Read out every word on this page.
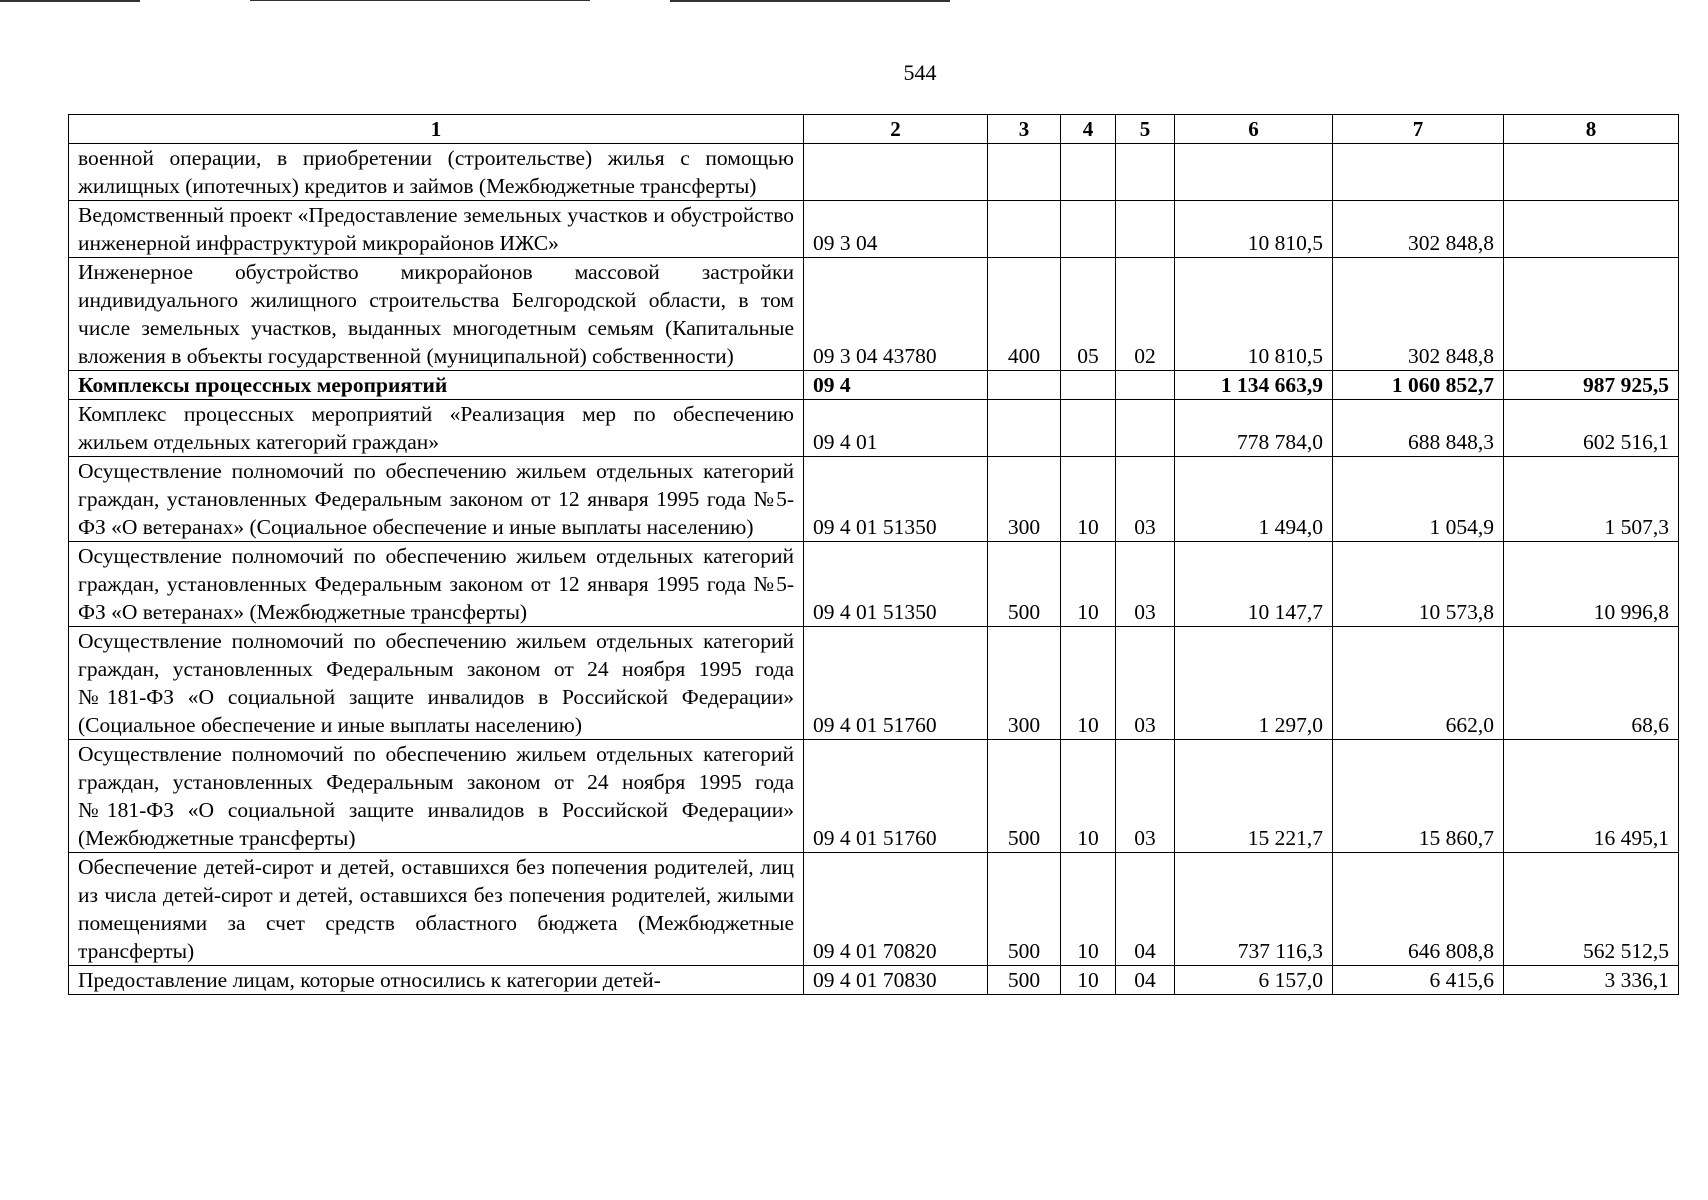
544
1	2	3	4	5	6	7	8
военной операции, в приобретении (строительстве) жилья с помощью жилищных (ипотечных) кредитов и займов (Межбюджетные трансферты)							
Ведомственный проект «Предоставление земельных участков и обустройство инженерной инфраструктурой микрорайонов ИЖС»	09 3 04				10 810,5	302 848,8	
Инженерное обустройство микрорайонов массовой застройки индивидуального жилищного строительства Белгородской области, в том числе земельных участков, выданных многодетным семьям (Капитальные вложения в объекты государственной (муниципальной) собственности)	09 3 04 43780	400	05	02	10 810,5	302 848,8	
Комплексы процессных мероприятий	09 4				1 134 663,9	1 060 852,7	987 925,5
Комплекс процессных мероприятий «Реализация мер по обеспечению жильем отдельных категорий граждан»	09 4 01				778 784,0	688 848,3	602 516,1
Осуществление полномочий по обеспечению жильем отдельных категорий граждан, установленных Федеральным законом от 12 января 1995 года №5-ФЗ «О ветеранах» (Социальное обеспечение и иные выплаты населению)	09 4 01 51350	300	10	03	1 494,0	1 054,9	1 507,3
Осуществление полномочий по обеспечению жильем отдельных категорий граждан, установленных Федеральным законом от 12 января 1995 года №5-ФЗ «О ветеранах» (Межбюджетные трансферты)	09 4 01 51350	500	10	03	10 147,7	10 573,8	10 996,8
Осуществление полномочий по обеспечению жильем отдельных категорий граждан, установленных Федеральным законом от 24 ноября 1995 года №181-ФЗ «О социальной защите инвалидов в Российской Федерации» (Социальное обеспечение и иные выплаты населению)	09 4 01 51760	300	10	03	1 297,0	662,0	68,6
Осуществление полномочий по обеспечению жильем отдельных категорий граждан, установленных Федеральным законом от 24 ноября 1995 года №181-ФЗ «О социальной защите инвалидов в Российской Федерации» (Межбюджетные трансферты)	09 4 01 51760	500	10	03	15 221,7	15 860,7	16 495,1
Обеспечение детей-сирот и детей, оставшихся без попечения родителей, лиц из числа детей-сирот и детей, оставшихся без попечения родителей, жилыми помещениями за счет средств областного бюджета (Межбюджетные трансферты)	09 4 01 70820	500	10	04	737 116,3	646 808,8	562 512,5
Предоставление лицам, которые относились к категории детей-	09 4 01 70830	500	10	04	6 157,0	6 415,6	3 336,1
